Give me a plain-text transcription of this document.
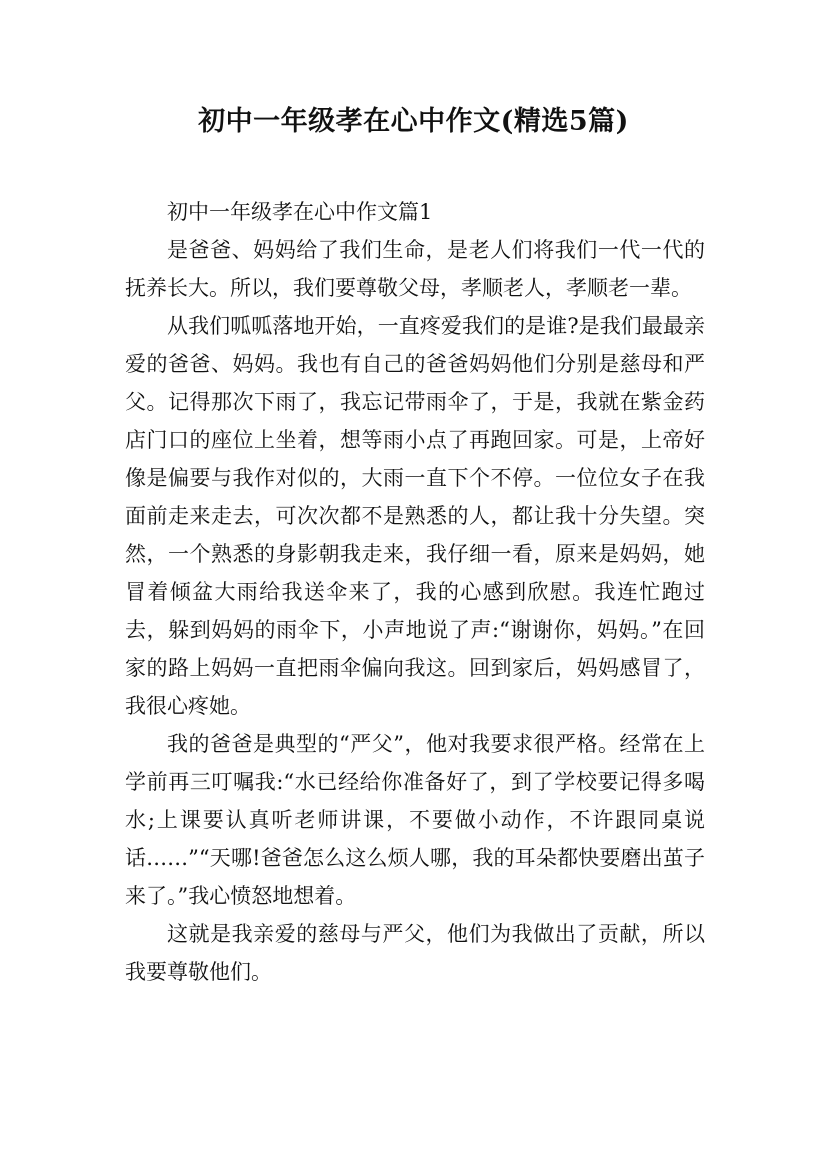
初中一年级孝在心中作文(精选5篇)

初中一年级孝在心中作文篇1

是爸爸、妈妈给了我们生命，是老人们将我们一代一代的抚养长大。所以，我们要尊敬父母，孝顺老人，孝顺老一辈。

从我们呱呱落地开始，一直疼爱我们的是谁?是我们最最亲爱的爸爸、妈妈。我也有自己的爸爸妈妈他们分别是慈母和严父。记得那次下雨了，我忘记带雨伞了，于是，我就在紫金药店门口的座位上坐着，想等雨小点了再跑回家。可是，上帝好像是偏要与我作对似的，大雨一直下个不停。一位位女子在我面前走来走去，可次次都不是熟悉的人，都让我十分失望。突然，一个熟悉的身影朝我走来，我仔细一看，原来是妈妈，她冒着倾盆大雨给我送伞来了，我的心感到欣慰。我连忙跑过去，躲到妈妈的雨伞下，小声地说了声:“谢谢你，妈妈。”在回家的路上妈妈一直把雨伞偏向我这。回到家后，妈妈感冒了，我很心疼她。

我的爸爸是典型的“严父”，他对我要求很严格。经常在上学前再三叮嘱我:“水已经给你准备好了，到了学校要记得多喝水;上课要认真听老师讲课，不要做小动作，不许跟同桌说话……”“天哪!爸爸怎么这么烦人哪，我的耳朵都快要磨出茧子来了。”我心愤怒地想着。

这就是我亲爱的慈母与严父，他们为我做出了贡献，所以我要尊敬他们。
